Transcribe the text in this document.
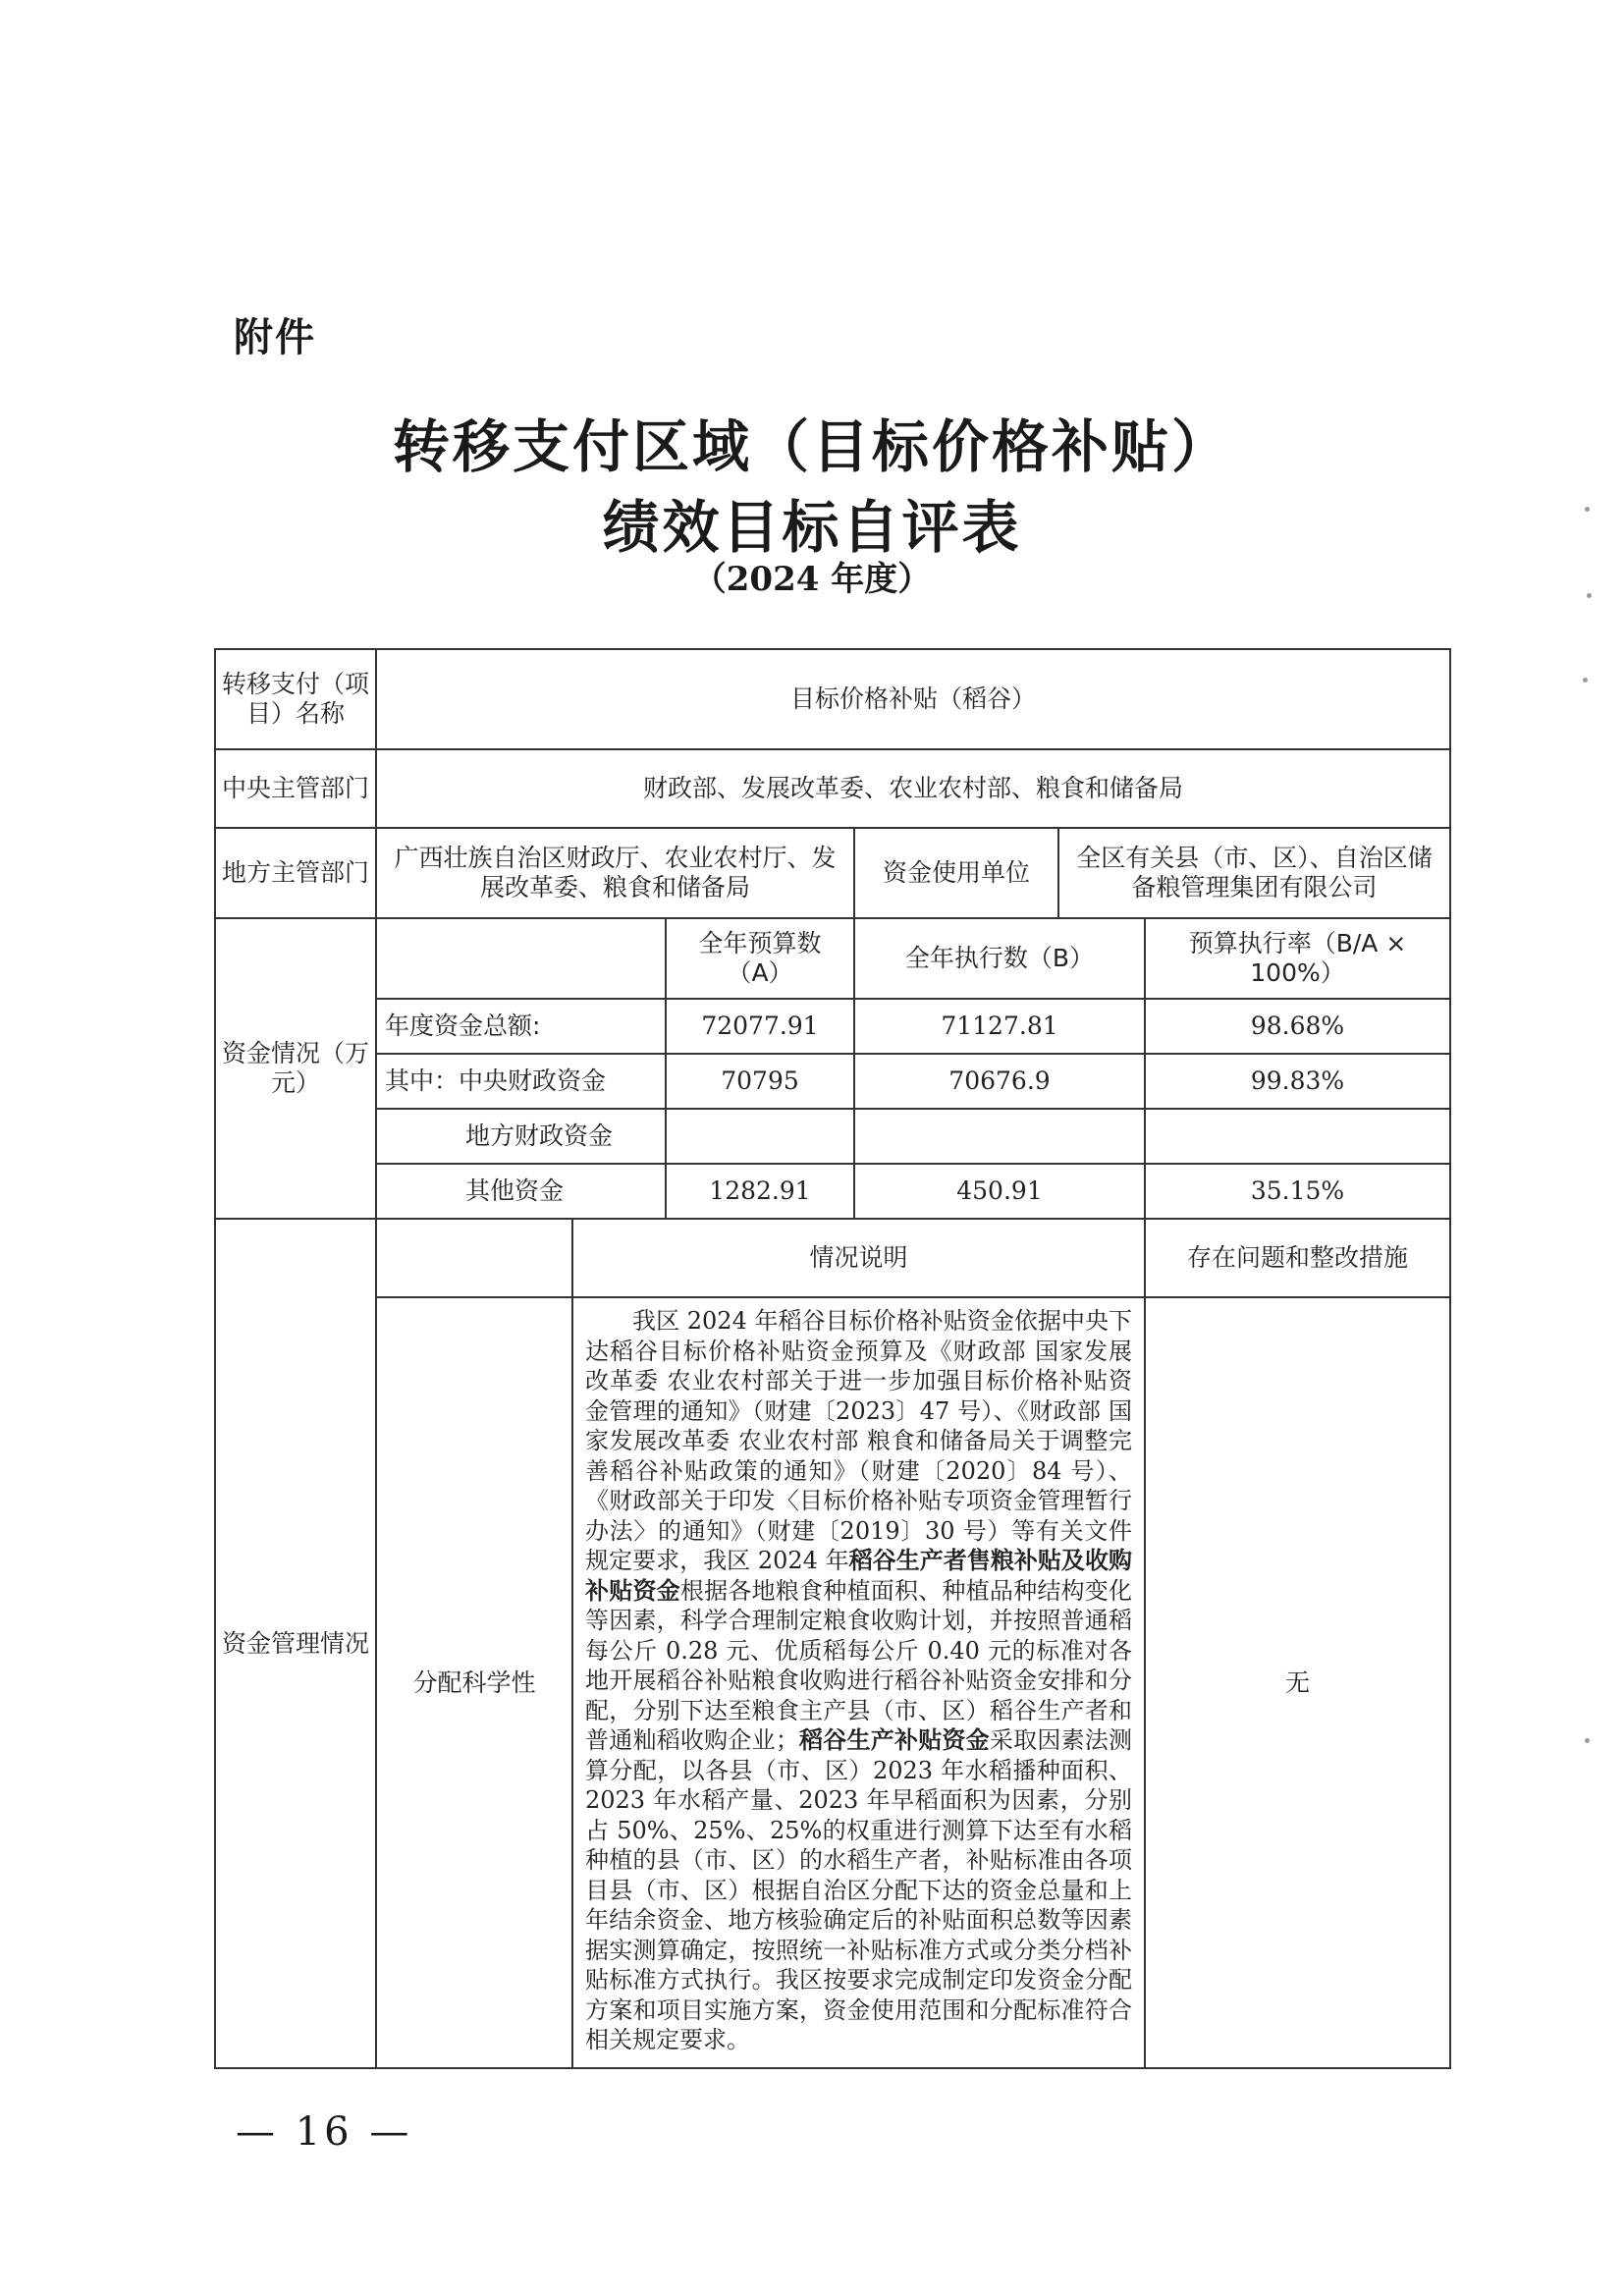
附件
转移支付区域（目标价格补贴）
绩效目标自评表
（2024 年度）
转移支付（项目）名称	目标价格补贴（稻谷）					
中央主管部门	财政部、发展改革委、农业农村部、粮食和储备局					
地方主管部门	广西壮族自治区财政厅、农业农村厅、发展改革委、粮食和储备局			资金使用单位	全区有关县（市、区）、自治区储备粮管理集团有限公司	
资金情况（万元）			全年预算数（A）	全年执行数（B）		预算执行率（B/A × 100%）
	年度资金总额:		72077.91	71127.81		98.68%
	其中：中央财政资金		70795	70676.9		99.83%
	地方财政资金					
	其他资金		1282.91	450.91		35.15%
资金管理情况		情况说明				存在问题和整改措施
	分配科学性	我区 2024 年稻谷目标价格补贴资金依据中央下达稻谷目标价格补贴资金预算及《财政部 国家发展改革委 农业农村部关于进一步加强目标价格补贴资金管理的通知》（财建〔2023〕47 号）、《财政部 国家发展改革委 农业农村部 粮食和储备局关于调整完善稻谷补贴政策的通知》（财建〔2020〕84 号）、《财政部关于印发〈目标价格补贴专项资金管理暂行办法〉的通知》（财建〔2019〕30 号）等有关文件规定要求，我区 2024 年稻谷生产者售粮补贴及收购补贴资金根据各地粮食种植面积、种植品种结构变化等因素，科学合理制定粮食收购计划，并按照普通稻每公斤 0.28 元、优质稻每公斤 0.40 元的标准对各地开展稻谷补贴粮食收购进行稻谷补贴资金安排和分配，分别下达至粮食主产县（市、区）稻谷生产者和普通籼稻收购企业；稻谷生产补贴资金采取因素法测算分配，以各县（市、区）2023 年水稻播种面积、2023 年水稻产量、2023 年早稻面积为因素，分别占 50%、25%、25%的权重进行测算下达至有水稻种植的县（市、区）的水稻生产者，补贴标准由各项目县（市、区）根据自治区分配下达的资金总量和上年结余资金、地方核验确定后的补贴面积总数等因素据实测算确定，按照统一补贴标准方式或分类分档补贴标准方式执行。我区按要求完成制定印发资金分配方案和项目实施方案，资金使用范围和分配标准符合相关规定要求。				无
— 16 —
